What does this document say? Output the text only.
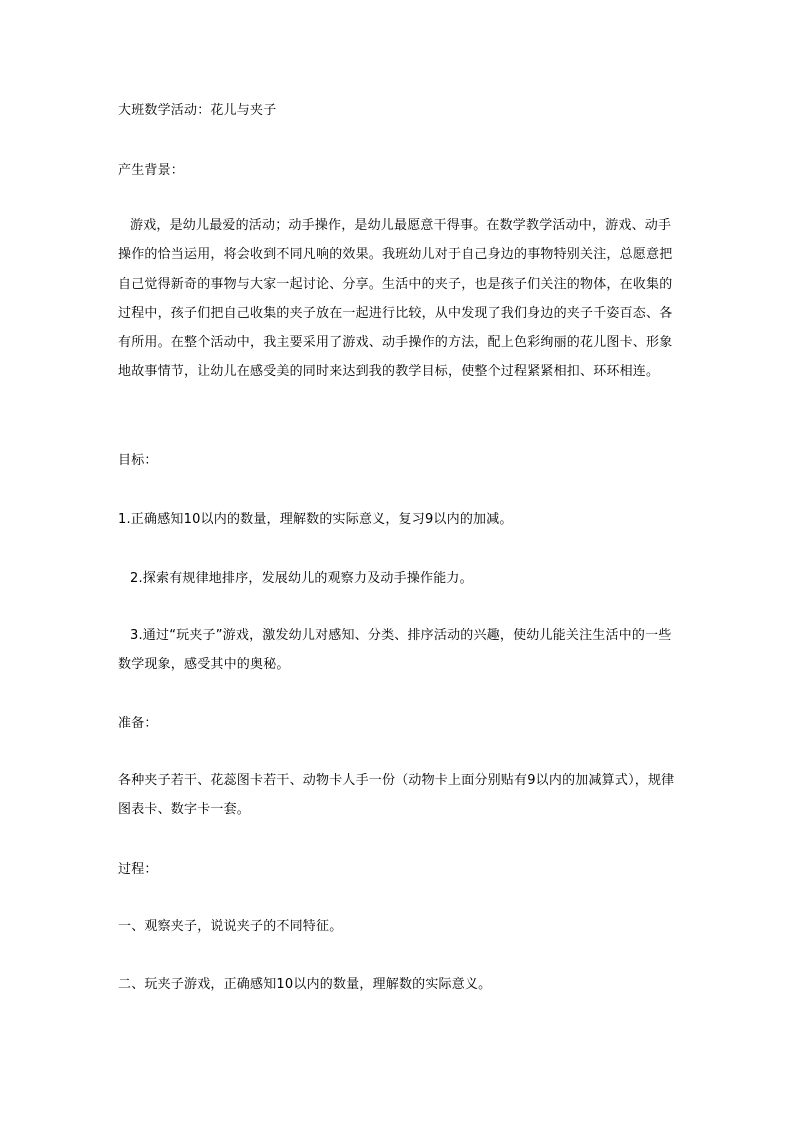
大班数学活动：花儿与夹子

产生背景：

游戏，是幼儿最爱的活动；动手操作，是幼儿最愿意干得事。在数学教学活动中，游戏、动手操作的恰当运用，将会收到不同凡响的效果。我班幼儿对于自己身边的事物特别关注，总愿意把自己觉得新奇的事物与大家一起讨论、分享。生活中的夹子，也是孩子们关注的物体，在收集的过程中，孩子们把自己收集的夹子放在一起进行比较，从中发现了我们身边的夹子千姿百态、各有所用。在整个活动中，我主要采用了游戏、动手操作的方法，配上色彩绚丽的花儿图卡、形象地故事情节，让幼儿在感受美的同时来达到我的教学目标，使整个过程紧紧相扣、环环相连。

目标：

1.正确感知10以内的数量，理解数的实际意义，复习9以内的加减。

2.探索有规律地排序，发展幼儿的观察力及动手操作能力。

3.通过“玩夹子”游戏，激发幼儿对感知、分类、排序活动的兴趣，使幼儿能关注生活中的一些数学现象，感受其中的奥秘。

准备：

各种夹子若干、花蕊图卡若干、动物卡人手一份（动物卡上面分别贴有9以内的加减算式），规律图表卡、数字卡一套。

过程：

一、观察夹子，说说夹子的不同特征。

二、玩夹子游戏，正确感知10以内的数量，理解数的实际意义。
